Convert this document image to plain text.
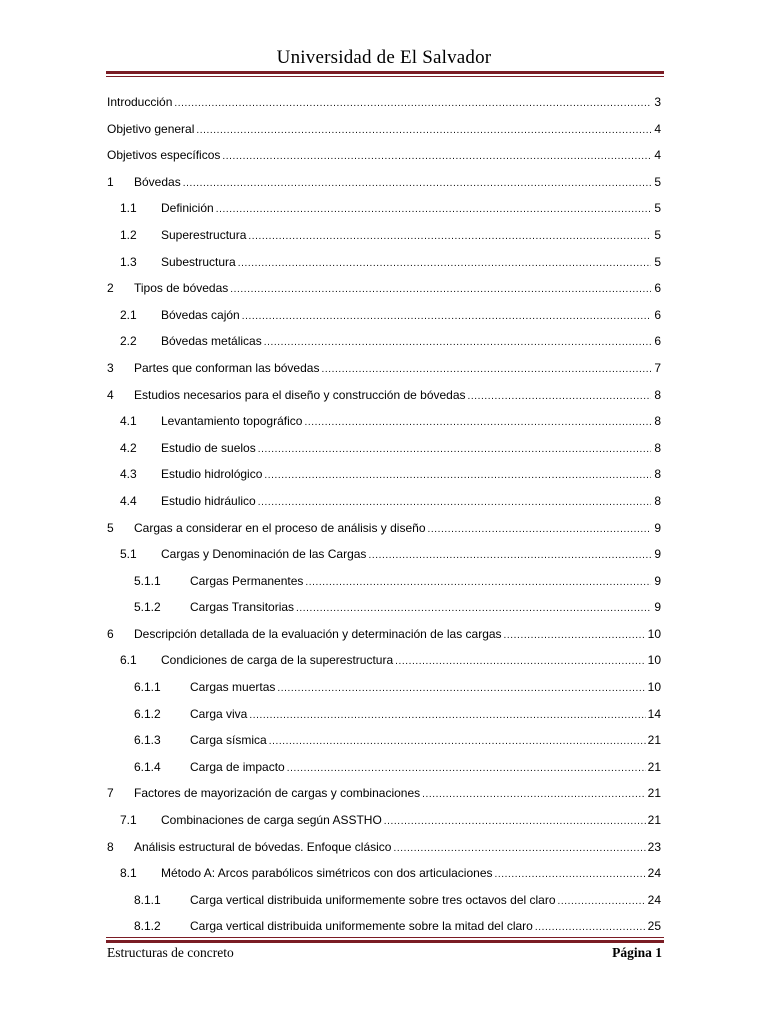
Universidad de El Salvador
Introducción .....	3
Objetivo general .....	4
Objetivos específicos .....	4
1	Bóvedas .....	5
1.1	Definición .....	5
1.2	Superestructura .....	5
1.3	Subestructura .....	5
2	Tipos de bóvedas .....	6
2.1	Bóvedas cajón .....	6
2.2	Bóvedas metálicas .....	6
3	Partes que conforman las bóvedas .....	7
4	Estudios necesarios para el diseño y construcción de bóvedas .....	8
4.1	Levantamiento topográfico .....	8
4.2	Estudio de suelos .....	8
4.3	Estudio hidrológico .....	8
4.4	Estudio hidráulico .....	8
5	Cargas a considerar en el proceso de análisis y diseño .....	9
5.1	Cargas y Denominación de las Cargas .....	9
5.1.1	Cargas Permanentes .....	9
5.1.2	Cargas Transitorias .....	9
6	Descripción detallada de la evaluación y determinación de las cargas .....	10
6.1	Condiciones de carga de la superestructura .....	10
6.1.1	Cargas muertas .....	10
6.1.2	Carga viva .....	14
6.1.3	Carga sísmica .....	21
6.1.4	Carga de impacto .....	21
7	Factores de mayorización de cargas y combinaciones .....	21
7.1	Combinaciones de carga según ASSTHO .....	21
8	Análisis estructural de bóvedas. Enfoque clásico .....	23
8.1	Método A: Arcos parabólicos simétricos con dos articulaciones .....	24
8.1.1	Carga vertical distribuida uniformemente sobre tres octavos del claro .....	24
8.1.2	Carga vertical distribuida uniformemente sobre la mitad del claro .....	25
Estructuras de concreto	Página 1
